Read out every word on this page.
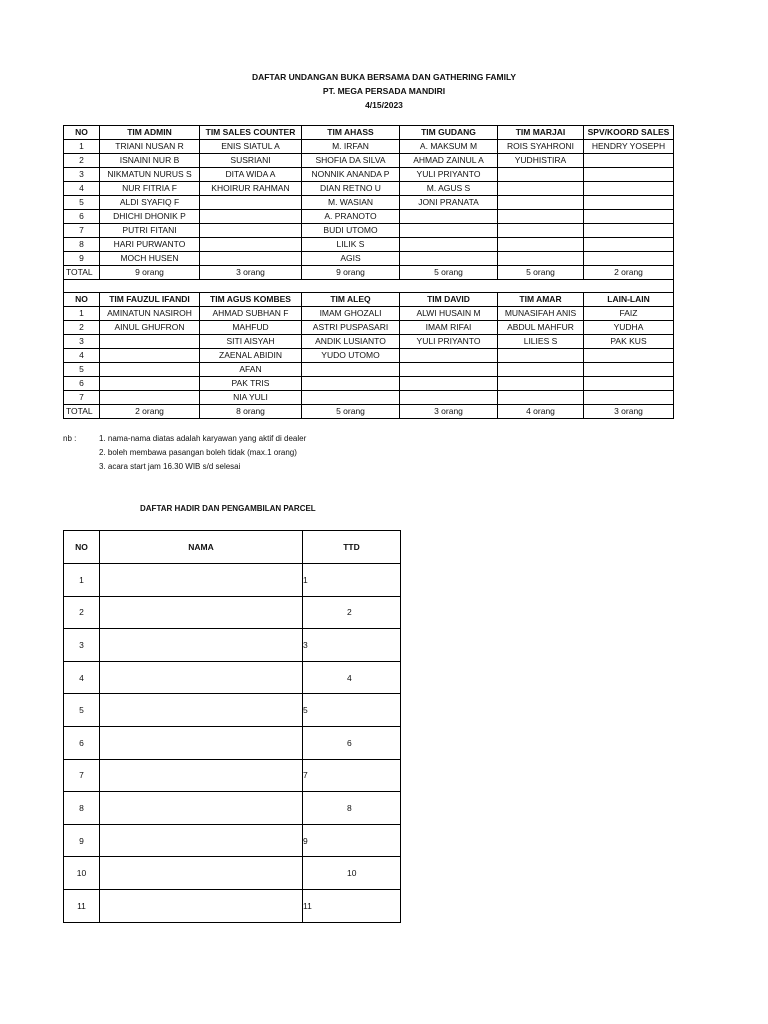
DAFTAR UNDANGAN BUKA BERSAMA DAN GATHERING FAMILY
PT. MEGA PERSADA MANDIRI
4/15/2023
NO	TIM ADMIN	TIM SALES COUNTER	TIM AHASS	TIM GUDANG	TIM MARJAI	SPV/KOORD SALES
1	TRIANI NUSAN R	ENIS SIATUL A	M. IRFAN	A. MAKSUM M	ROIS SYAHRONI	HENDRY YOSEPH
2	ISNAINI NUR B	SUSRIANI	SHOFIA DA SILVA	AHMAD ZAINUL A	YUDHISTIRA	
3	NIKMATUN NURUS S	DITA WIDA A	NONNIK ANANDA P	YULI PRIYANTO		
4	NUR FITRIA F	KHOIRUR RAHMAN	DIAN RETNO U	M. AGUS S		
5	ALDI SYAFIQ F		M. WASIAN	JONI PRANATA		
6	DHICHI DHONIK P		A. PRANOTO			
7	PUTRI FITANI		BUDI UTOMO			
8	HARI PURWANTO		LILIK S			
9	MOCH HUSEN		AGIS			
TOTAL	9 orang	3 orang	9 orang	5 orang	5 orang	2 orang

NO	TIM FAUZUL IFANDI	TIM AGUS KOMBES	TIM ALEQ	TIM DAVID	TIM AMAR	LAIN-LAIN
1	AMINATUN NASIROH	AHMAD SUBHAN F	IMAM GHOZALI	ALWI HUSAIN M	MUNASIFAH ANIS	FAIZ
2	AINUL GHUFRON	MAHFUD	ASTRI PUSPASARI	IMAM RIFAI	ABDUL MAHFUR	YUDHA
3		SITI AISYAH	ANDIK LUSIANTO	YULI PRIYANTO	LILIES S	PAK KUS
4		ZAENAL ABIDIN	YUDO UTOMO			
5		AFAN				
6		PAK TRIS				
7		NIA YULI				
TOTAL	2 orang	8 orang	5 orang	3 orang	4 orang	3 orang
nb :	1. nama-nama diatas adalah karyawan yang aktif di dealer
2. boleh membawa pasangan boleh tidak (max.1 orang)
3. acara start jam 16.30 WIB s/d selesai
DAFTAR HADIR DAN PENGAMBILAN PARCEL
NO	NAMA	TTD
1		1

2		2

3		3

4		4

5		5

6		6

7		7

8		8

9		9

10		10

11		11
